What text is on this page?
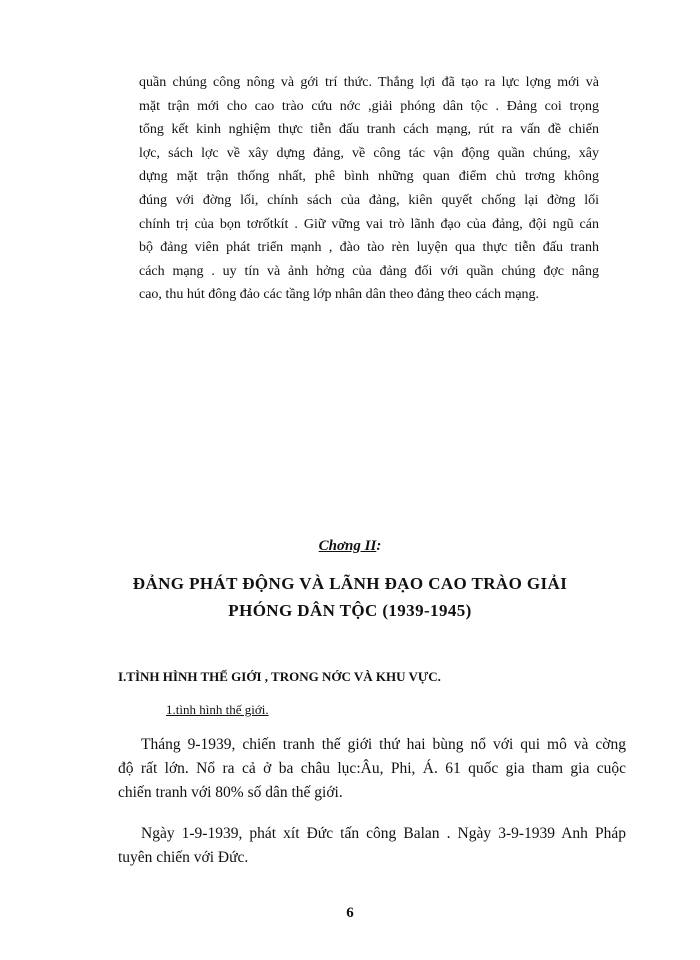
quần chúng công nông và gới trí thức. Thắng lợi đã tạo ra lực lợng mới và
mặt trận mới cho cao trào cứu nớc ,giải phóng dân tộc . Đảng coi trọng
tổng kết kinh nghiệm thực tiễn đấu tranh cách mạng, rút ra vấn đề chiến
lợc, sách lợc về xây dựng đảng, về công tác vận động quần chúng, xây
dựng mặt trận thống nhất, phê bình những quan điểm chủ trơng không
đúng với đờng lối, chính sách của đảng, kiên quyết chống lại đờng lối
chính trị của bọn tơrốtkít . Giữ vững vai trò lãnh đạo của đảng, đội ngũ cán
bộ đảng viên phát triển mạnh , đào tào rèn luyện qua thực tiễn đấu tranh
cách mạng . uy tín và ảnh hởng của đảng đối với quần chúng đợc nâng
cao, thu hút đông đảo các tầng lớp nhân dân theo đảng theo cách mạng.
Chơng II:
ĐẢNG PHÁT ĐỘNG VÀ LÃNH ĐẠO CAO TRÀO GIẢI
PHÓNG DÂN TỘC (1939-1945)
I.TÌNH HÌNH THẾ GIỚI , TRONG NỚC VÀ KHU VỰC.
1.tình hình thế giới.
Tháng 9-1939, chiến tranh thế giới thứ hai bùng nổ với qui mô và cờng
độ rất lớn. Nổ ra cả ở ba châu lục:Âu, Phi, Á. 61 quốc gia tham gia cuộc
chiến tranh với 80% số dân thế giới.
Ngày 1-9-1939, phát xít Đức tấn công Balan . Ngày 3-9-1939 Anh Pháp
tuyên chiến với Đức.
6
